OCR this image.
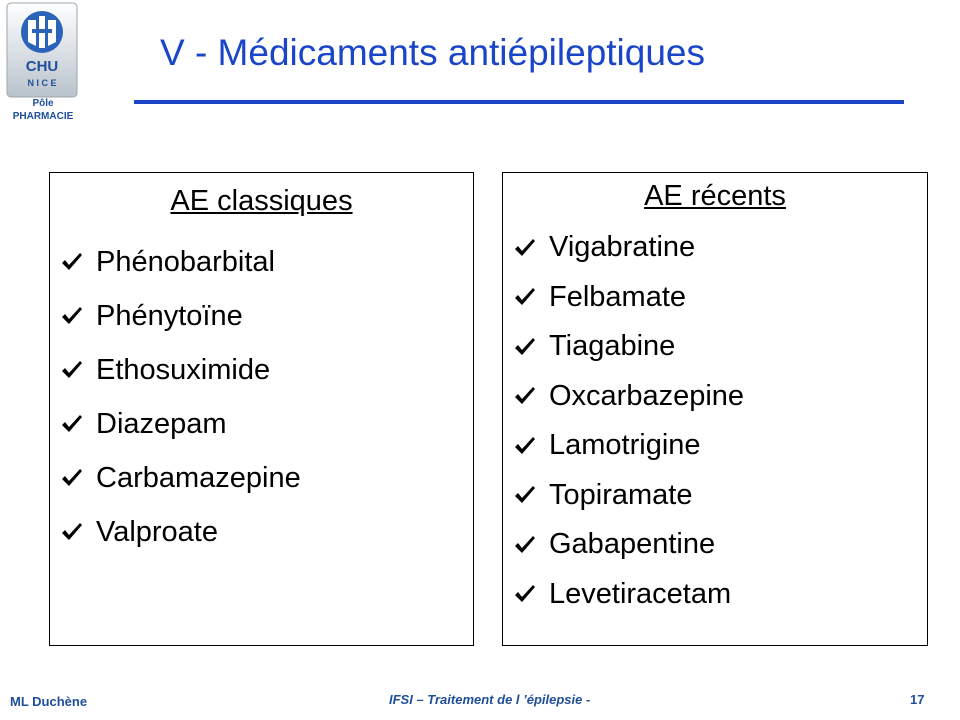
CHU
N I C E
Pôle
PHARMACIE
V - Médicaments antiépileptiques
AE classiques
Phénobarbital
Phénytoïne
Ethosuximide
Diazepam
Carbamazepine
Valproate
AE récents
Vigabratine
Felbamate
Tiagabine
Oxcarbazepine
Lamotrigine
Topiramate
Gabapentine
Levetiracetam
ML Duchène	IFSI – Traitement de l ’épilepsie -	17
